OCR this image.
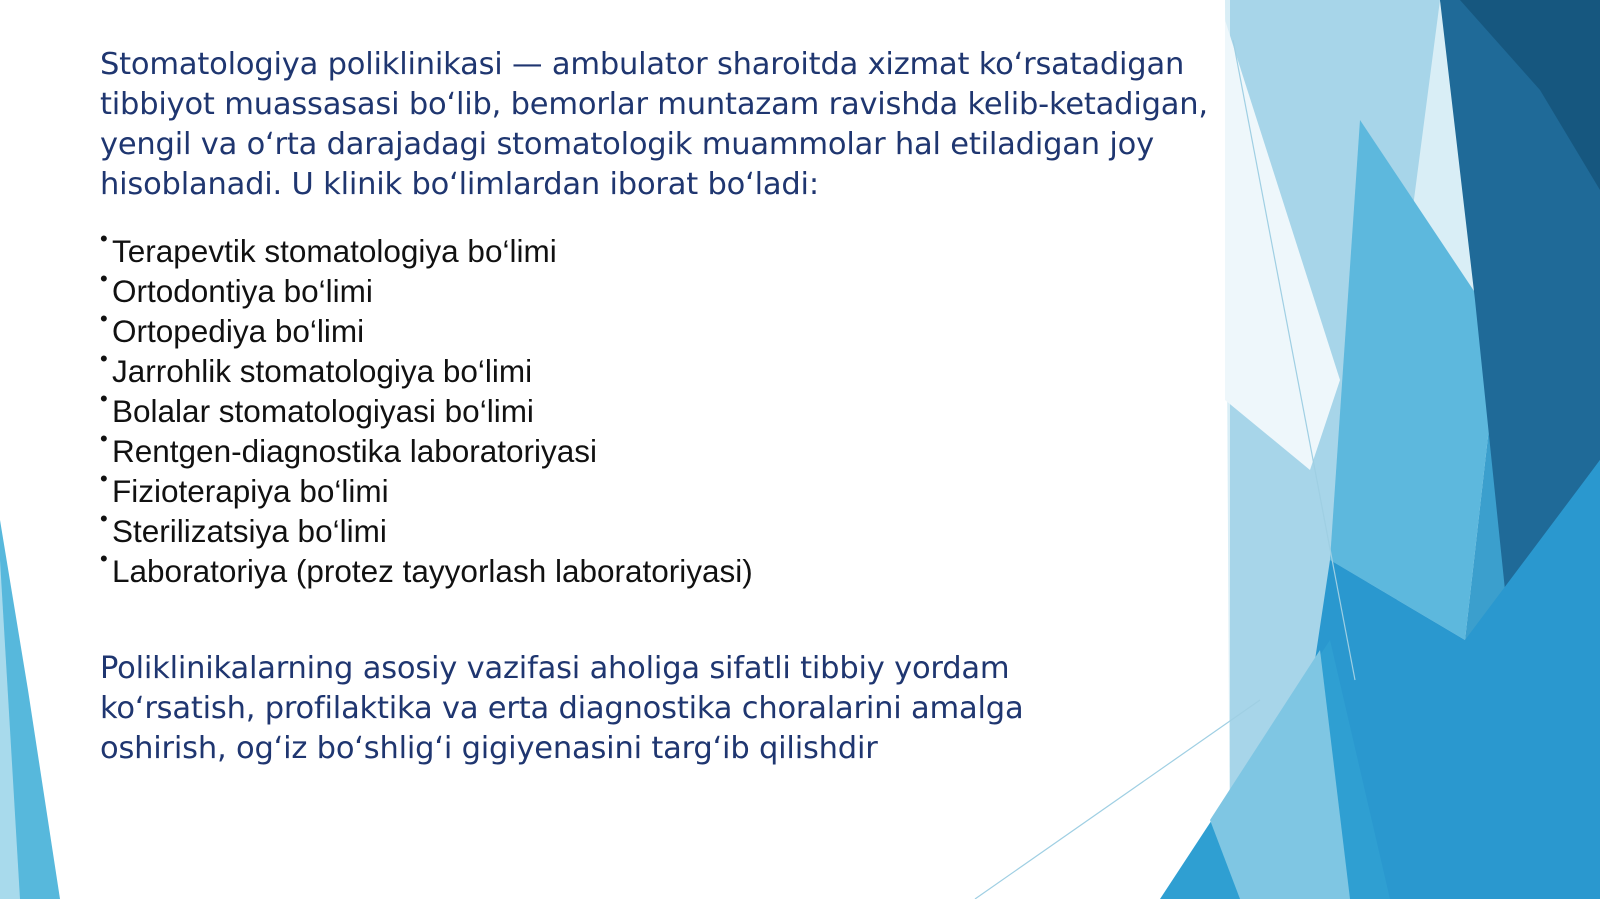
Stomatologiya poliklinikasi — ambulator sharoitda xizmat ko‘rsatadigan tibbiyot muassasasi bo‘lib, bemorlar muntazam ravishda kelib-ketadigan, yengil va o‘rta darajadagi stomatologik muammolar hal etiladigan joy hisoblanadi. U klinik bo‘limlardan iborat bo‘ladi:

• Terapevtik stomatologiya bo‘limi
• Ortodontiya bo‘limi
• Ortopediya bo‘limi
• Jarrohlik stomatologiya bo‘limi
• Bolalar stomatologiyasi bo‘limi
• Rentgen-diagnostika laboratoriyasi
• Fizioterapiya bo‘limi
• Sterilizatsiya bo‘limi
• Laboratoriya (protez tayyorlash laboratoriyasi)

Poliklinikalarning asosiy vazifasi aholiga sifatli tibbiy yordam ko‘rsatish, profilaktika va erta diagnostika choralarini amalga oshirish, og‘iz bo‘shlig‘i gigiyenasini targ‘ib qilishdir
